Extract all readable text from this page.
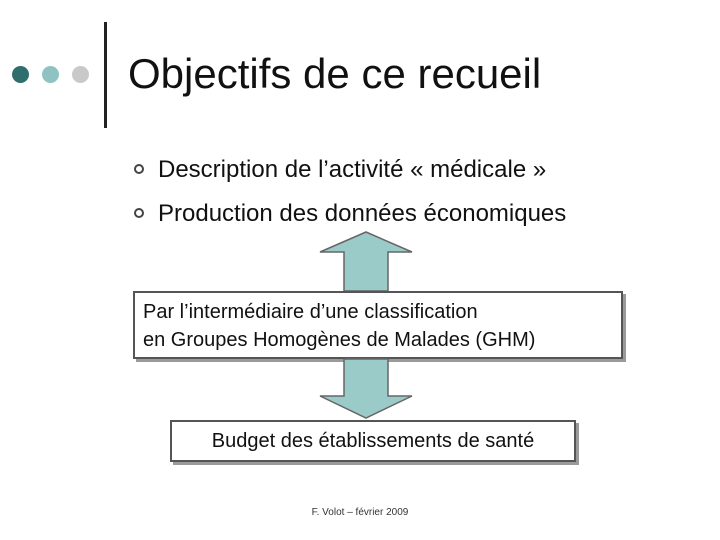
Objectifs de ce recueil
Description de l’activité « médicale »
Production des données économiques
Par l’intermédiaire d’une classification
en Groupes Homogènes de Malades (GHM)
Budget des établissements de santé
F. Volot – février 2009
